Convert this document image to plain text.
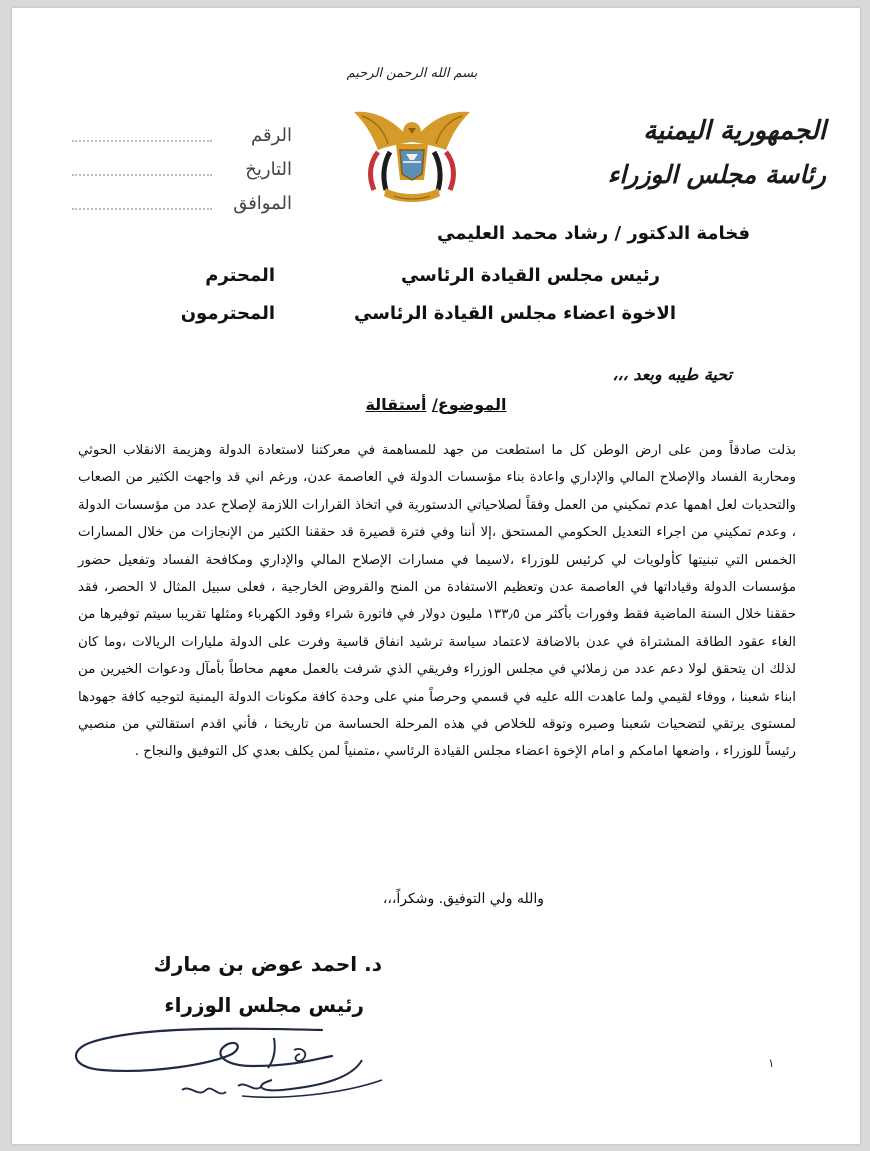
بسم الله الرحمن الرحيم
الجمهورية اليمنية
رئاسة مجلس الوزراء
الرقم
التاريخ
الموافق
فخامة الدكتور / رشاد محمد العليمي
رئيس مجلس القيادة الرئاسي
المحترم
الاخوة اعضاء مجلس القيادة الرئاسي
المحترمون
تحية طيبه وبعد ،،،
الموضوع/ أستقالة
بذلت صادقاً ومن على ارض الوطن كل ما استطعت من جهد للمساهمة في معركتنا لاستعادة الدولة وهزيمة الانقلاب الحوثي ومحاربة الفساد والإصلاح المالي والإداري واعادة بناء مؤسسات الدولة في العاصمة عدن، ورغم اني قد واجهت الكثير من الصعاب والتحديات لعل اهمها عدم تمكيني من العمل وفقاً لصلاحياتي الدستورية في اتخاذ القرارات اللازمة لإصلاح عدد من مؤسسات الدولة ، وعدم تمكيني من اجراء التعديل الحكومي المستحق ،إلا أننا وفي فترة قصيرة قد حققنا الكثير من الإنجازات من خلال المسارات الخمس التي تبنيتها كأولويات لي كرئيس للوزراء ،لاسيما في مسارات الإصلاح المالي والإداري ومكافحة الفساد وتفعيل حضور مؤسسات الدولة وقياداتها في العاصمة عدن وتعظيم الاستفادة من المنح والقروض الخارجية ، فعلى سبيل المثال لا الحصر، فقد حققنا خلال السنة الماضية فقط وفورات بأكثر من ١٣٣٫٥ مليون دولار في فاتورة شراء وقود الكهرباء ومثلها تقريبا سيتم توفيرها من الغاء عقود الطاقة المشتراة في عدن بالاضافة لاعتماد سياسة ترشيد انفاق قاسية وفرت على الدولة مليارات الريالات ،وما كان لذلك ان يتحقق لولا دعم عدد من زملائي في مجلس الوزراء وفريقي الذي شرفت بالعمل معهم محاطاً بأمآل ودعوات الخيرين من ابناء شعبنا ، ووفاء لقيمي ولما عاهدت الله عليه في قسمي وحرصاً مني على وحدة كافة مكونات الدولة اليمنية لتوجيه كافة جهودها لمستوى يرتقي لتضحيات شعبنا وصبره وتوقه للخلاص في هذه المرحلة الحساسة من تاريخنا ، فأني اقدم استقالتي من منصبي رئيساً للوزراء ، واضعها امامكم و امام الإخوة اعضاء مجلس القيادة الرئاسي ،متمنياً لمن يكلف بعدي كل التوفيق والنجاح .
والله ولي التوفيق. وشكراً،،،
د. احمد عوض بن مبارك
رئيس مجلس الوزراء
١
